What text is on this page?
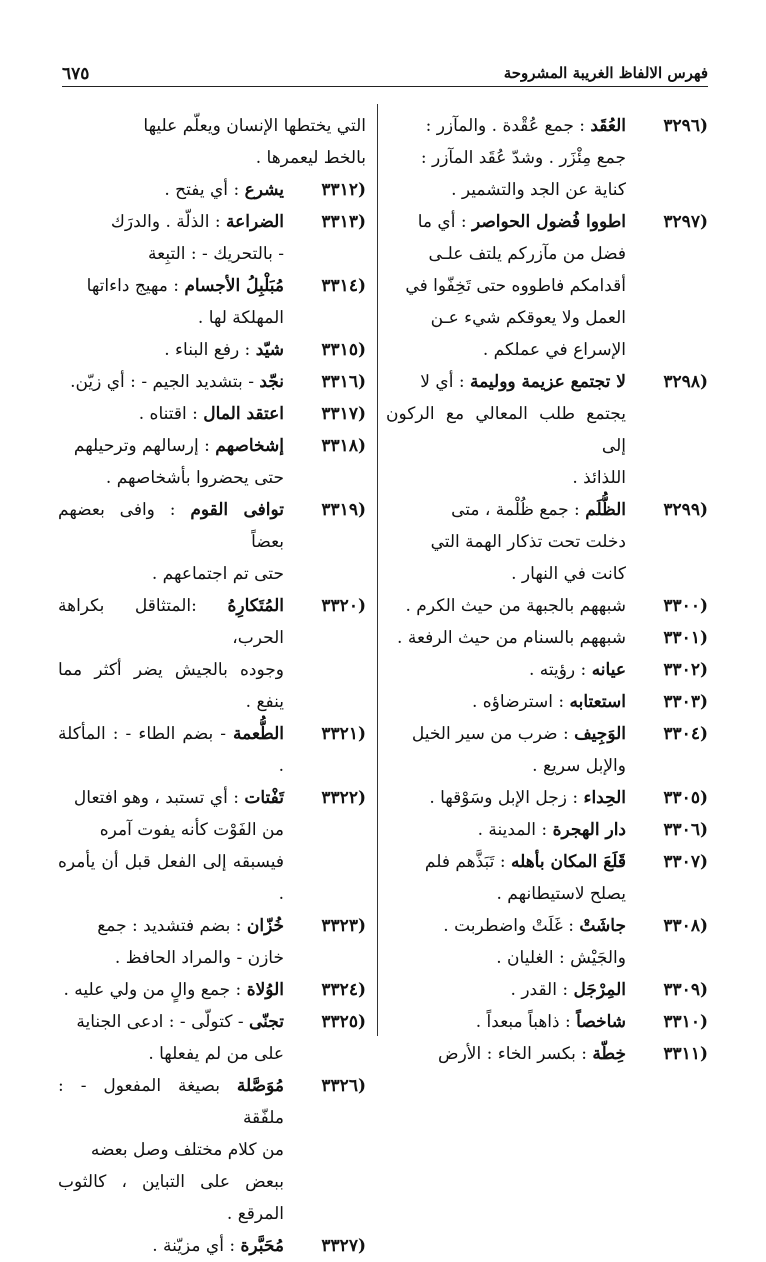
فهرس الالفاظ الغريبة المشروحة
٦٧٥
(٣٢٩٦
العُقَد : جمع عُقْدة . والمآزر :
جمع مِئْزَر . وشدّ عُقَد المآزر :
كناية عن الجد والتشمير .
(٣٢٩٧
اطووا فُضول الحواصر : أي ما
فضل من مآزركم يلتف علـى
أقدامكم فاطووه حتى تَخِفّوا في
العمل ولا يعوقكم شيء عـن
الإسراع في عملكم .
(٣٢٩٨
لا تجتمع عزيمة ووليمة : أي لا
يجتمع طلب المعالي مع الركون إلى
اللذائذ .
(٣٢٩٩
الظُّلَم : جمع ظُلْمة ، متى
دخلت تحت تذكار الهمة التي
كانت في النهار .
(٣٣٠٠
شبههم بالجبهة من حيث الكرم .
(٣٣٠١
شبههم بالسنام من حيث الرفعة .
(٣٣٠٢
عيانه : رؤيته .
(٣٣٠٣
استعتابه : استرضاؤه .
(٣٣٠٤
الوَجِيف : ضرب من سير الخيل
والإبل سريع .
(٣٣٠٥
الحِداء : زجل الإبل وسَوْقها .
(٣٣٠٦
دار الهجرة : المدينة .
(٣٣٠٧
قَلَعَ المكان بأهله : تَبَذَّهم فلم
يصلح لاستيطانهم .
(٣٣٠٨
جاشَتْ : غَلَتْ واضطربت .
والجَيْش : الغليان .
(٣٣٠٩
المِرْجَل : القدر .
(٣٣١٠
شاخصاً : ذاهباً مبعداً .
(٣٣١١
خِطّة : بكسر الخاء : الأرض
التي يختطها الإنسان ويعلّم عليها
بالخط ليعمرها .
(٣٣١٢
يشرع : أي يفتح .
(٣٣١٣
الضراعة : الذلّة . والدرَك
- بالتحريك - : التبِعة
(٣٣١٤
مُبَلْبِلُ الأجسام : مهيج داءاتها
المهلكة لها .
(٣٣١٥
شيّد : رفع البناء .
(٣٣١٦
نجّد - بتشديد الجيم - : أي زيّن.
(٣٣١٧
اعتقد المال : اقتناه .
(٣٣١٨
إشخاصهم : إرسالهم وترحيلهم
حتى يحضروا بأشخاصهم .
(٣٣١٩
توافى القوم : وافى بعضهم بعضاً
حتى تم اجتماعهم .
(٣٣٢٠
المُتَكارِهُ :المتثاقل بكراهة الحرب،
وجوده بالجيش يضر أكثر مما ينفع .
(٣٣٢١
الطُّعمة - بضم الطاء - : المأكلة .
(٣٣٢٢
تَفْتات : أي تستبد ، وهو افتعال
من الفَوْت كأنه يفوت آمره
فيسبقه إلى الفعل قبل أن يأمره .
(٣٣٢٣
خُزّان : بضم فتشديد : جمع
خازن - والمراد الحافظ .
(٣٣٢٤
الوُلاة : جمع والٍ من ولي عليه .
(٣٣٢٥
تجنّى - كتولّى - : ادعى الجناية
على من لم يفعلها .
(٣٣٢٦
مُوَصَّلة بصيغة المفعول - : ملفّقة
من كلام مختلف وصل بعضه
ببعض على التباين ، كالثوب المرقع .
(٣٣٢٧
مُحَبَّرة : أي مزيّنة .
